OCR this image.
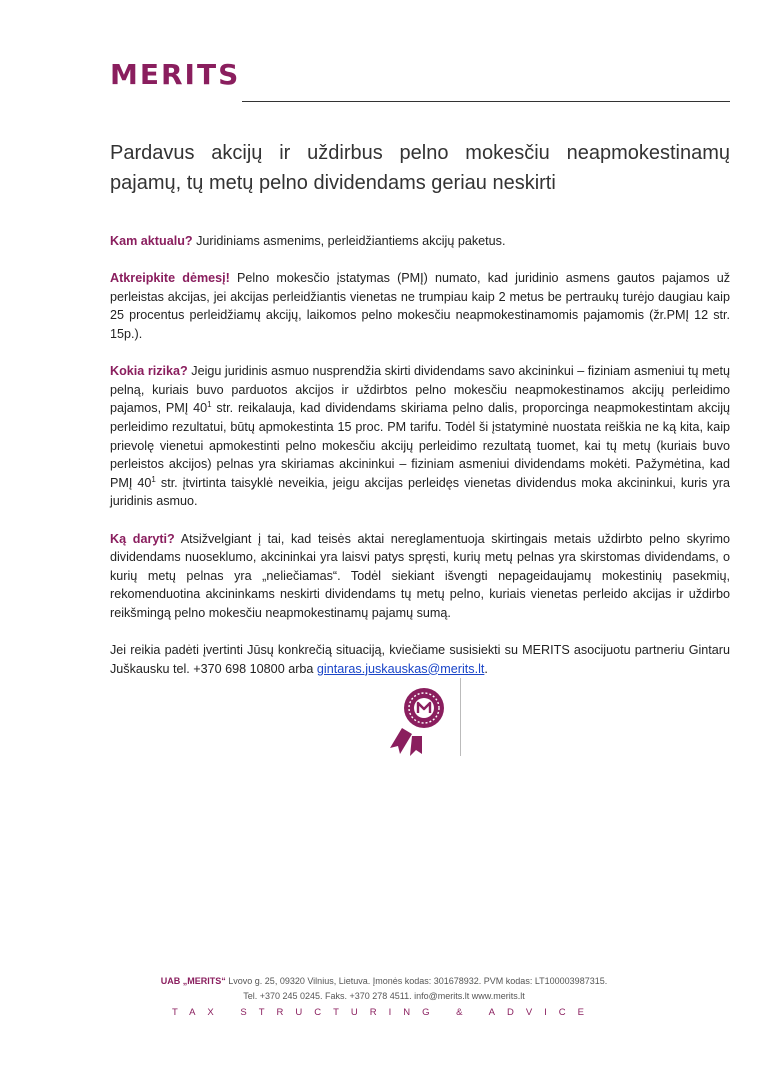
MERITS
Pardavus akcijų ir uždirbus pelno mokesčiu neapmokestinamų pajamų, tų metų pelno dividendams geriau neskirti

Kam aktualu? Juridiniams asmenims, perleidžiantiems akcijų paketus.

Atkreipkite dėmesį! Pelno mokesčio įstatymas (PMĮ) numato, kad juridinio asmens gautos pajamos už perleistas akcijas, jei akcijas perleidžiantis vienetas ne trumpiau kaip 2 metus be pertraukų turėjo daugiau kaip 25 procentus perleidžiamų akcijų, laikomos pelno mokesčiu neapmokestinamomis pajamomis (žr.PMĮ 12 str. 15p.).

Kokia rizika? Jeigu juridinis asmuo nusprendžia skirti dividendams savo akcininkui – fiziniam asmeniui tų metų pelną, kuriais buvo parduotos akcijos ir uždirbtos pelno mokesčiu neapmokestinamos akcijų perleidimo pajamos, PMĮ $40^1$ str. reikalauja, kad dividendams skiriama pelno dalis, proporcinga neapmokestintam akcijų perleidimo rezultatui, būtų apmokestinta 15 proc. PM tarifu. Todėl ši įstatyminė nuostata reiškia ne ką kita, kaip prievolę vienetui apmokestinti pelno mokesčiu akcijų perleidimo rezultatą tuomet, kai tų metų (kuriais buvo perleistos akcijos) pelnas yra skiriamas akcininkui – fiziniam asmeniui dividendams mokėti. Pažymėtina, kad PMĮ $40^1$ str. įtvirtinta taisyklė neveikia, jeigu akcijas perleidęs vienetas dividendus moka akcininkui, kuris yra juridinis asmuo.

Ką daryti? Atsižvelgiant į tai, kad teisės aktai nereglamentuoja skirtingais metais uždirbto pelno skyrimo dividendams nuoseklumo, akcininkai yra laisvi patys spręsti, kurių metų pelnas yra skirstomas dividendams, o kurių metų pelnas yra „neliečiamas“. Todėl siekiant išvengti nepageidaujamų mokestinių pasekmių, rekomenduotina akcininkams neskirti dividendams tų metų pelno, kuriais vienetas perleido akcijas ir uždirbo reikšmingą pelno mokesčiu neapmokestinamų pajamų sumą.

Jei reikia padėti įvertinti Jūsų konkrečią situaciją, kviečiame susisiekti su MERITS asocijuotu partneriu Gintaru Juškausku tel. +370 698 10800 arba gintaras.juskauskas@merits.lt.

UAB „MERITS“ Lvovo g. 25, 09320 Vilnius, Lietuva. Įmonės kodas: 301678932. PVM kodas: LT100003987315.
Tel. +370 245 0245. Faks. +370 278 4511. info@merits.lt www.merits.lt
TAX STRUCTURING & ADVICE
